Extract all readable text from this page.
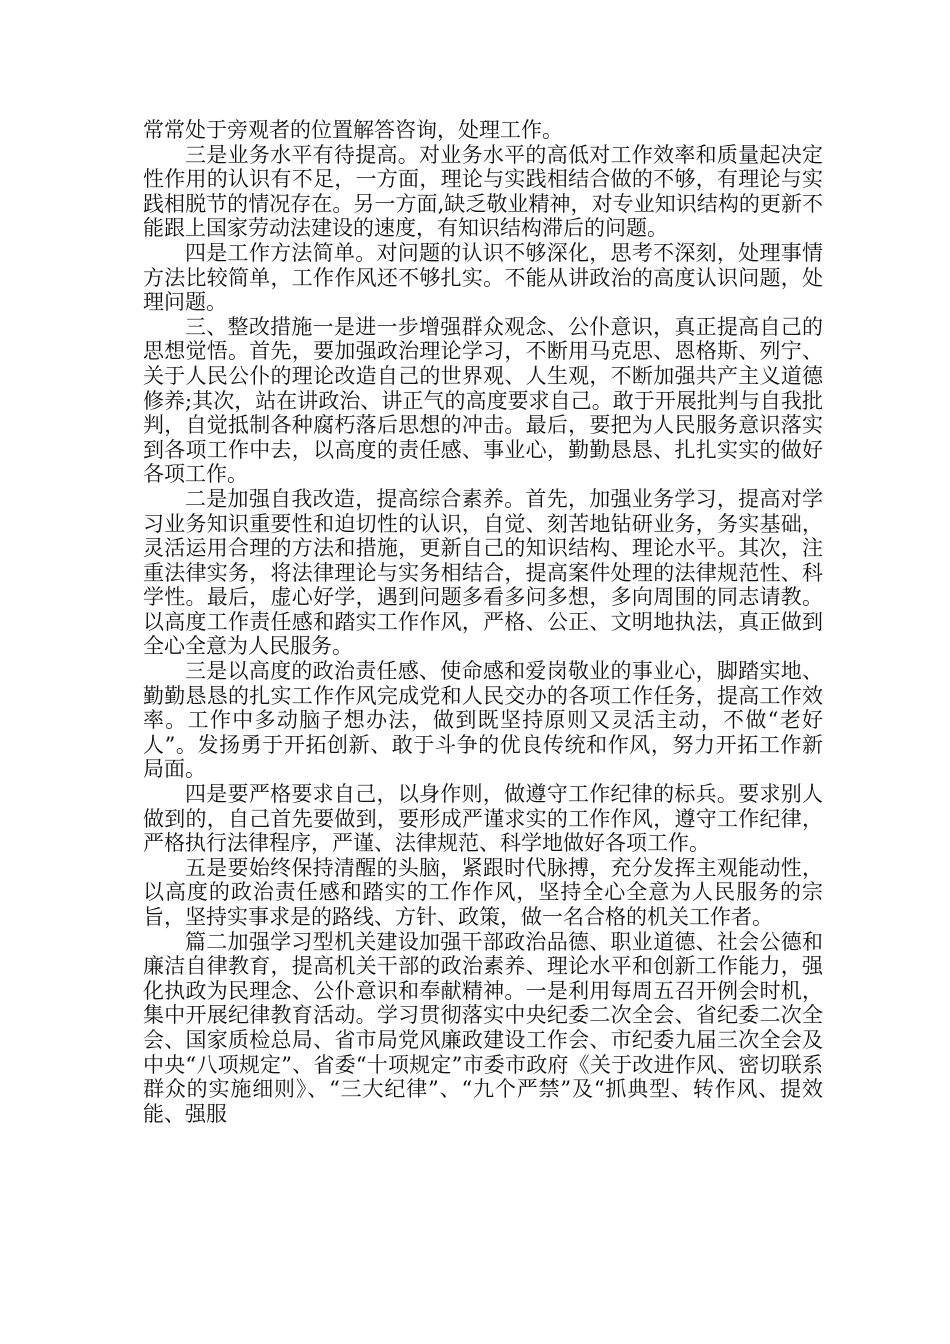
常常处于旁观者的位置解答咨询，处理工作。

三是业务水平有待提高。对业务水平的高低对工作效率和质量起决定性作用的认识有不足，一方面，理论与实践相结合做的不够，有理论与实践相脱节的情况存在。另一方面,缺乏敬业精神，对专业知识结构的更新不能跟上国家劳动法建设的速度，有知识结构滞后的问题。

四是工作方法简单。对问题的认识不够深化，思考不深刻，处理事情方法比较简单，工作作风还不够扎实。不能从讲政治的高度认识问题，处理问题。

三、整改措施一是进一步增强群众观念、公仆意识，真正提高自己的思想觉悟。首先，要加强政治理论学习，不断用马克思、恩格斯、列宁、关于人民公仆的理论改造自己的世界观、人生观，不断加强共产主义道德修养;其次，站在讲政治、讲正气的高度要求自己。敢于开展批判与自我批判，自觉抵制各种腐朽落后思想的冲击。最后，要把为人民服务意识落实到各项工作中去，以高度的责任感、事业心，勤勤恳恳、扎扎实实的做好各项工作。

二是加强自我改造，提高综合素养。首先，加强业务学习，提高对学习业务知识重要性和迫切性的认识，自觉、刻苦地钻研业务，务实基础，灵活运用合理的方法和措施，更新自己的知识结构、理论水平。其次，注重法律实务，将法律理论与实务相结合，提高案件处理的法律规范性、科学性。最后，虚心好学，遇到问题多看多问多想，多向周围的同志请教。以高度工作责任感和踏实工作作风，严格、公正、文明地执法，真正做到全心全意为人民服务。

三是以高度的政治责任感、使命感和爱岗敬业的事业心，脚踏实地、勤勤恳恳的扎实工作作风完成党和人民交办的各项工作任务，提高工作效率。工作中多动脑子想办法，做到既坚持原则又灵活主动，不做“老好人”。发扬勇于开拓创新、敢于斗争的优良传统和作风，努力开拓工作新局面。

四是要严格要求自己，以身作则，做遵守工作纪律的标兵。要求别人做到的，自己首先要做到，要形成严谨求实的工作作风，遵守工作纪律，严格执行法律程序，严谨、法律规范、科学地做好各项工作。

五是要始终保持清醒的头脑，紧跟时代脉搏，充分发挥主观能动性，以高度的政治责任感和踏实的工作作风，坚持全心全意为人民服务的宗旨，坚持实事求是的路线、方针、政策，做一名合格的机关工作者。

篇二加强学习型机关建设加强干部政治品德、职业道德、社会公德和廉洁自律教育，提高机关干部的政治素养、理论水平和创新工作能力，强化执政为民理念、公仆意识和奉献精神。一是利用每周五召开例会时机，集中开展纪律教育活动。学习贯彻落实中央纪委二次全会、省纪委二次全会、国家质检总局、省市局党风廉政建设工作会、市纪委九届三次全会及中央“八项规定”、省委“十项规定”市委市政府《关于改进作风、密切联系群众的实施细则》、“三大纪律”、“九个严禁”及“抓典型、转作风、提效能、强服
